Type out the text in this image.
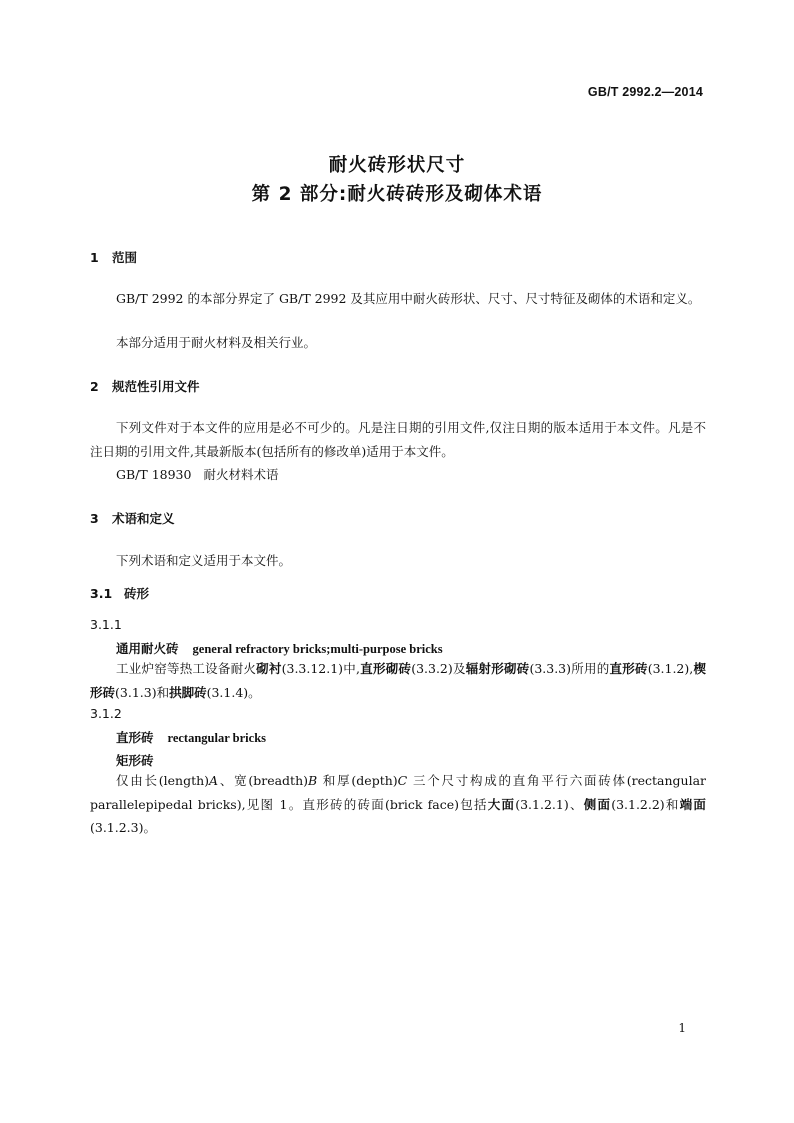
GB/T 2992.2—2014
耐火砖形状尺寸
第 2 部分:耐火砖砖形及砌体术语
1 范围
GB/T 2992 的本部分界定了 GB/T 2992 及其应用中耐火砖形状、尺寸、尺寸特征及砌体的术语和定义。
本部分适用于耐火材料及相关行业。
2 规范性引用文件
下列文件对于本文件的应用是必不可少的。凡是注日期的引用文件,仅注日期的版本适用于本文件。凡是不注日期的引用文件,其最新版本(包括所有的修改单)适用于本文件。
GB/T 18930 耐火材料术语
3 术语和定义
下列术语和定义适用于本文件。
3.1 砖形
3.1.1
通用耐火砖 general refractory bricks;multi-purpose bricks
工业炉窑等热工设备耐火砌衬(3.3.12.1)中,直形砌砖(3.3.2)及辐射形砌砖(3.3.3)所用的直形砖(3.1.2),楔形砖(3.1.3)和拱脚砖(3.1.4)。
3.1.2
直形砖 rectangular bricks
矩形砖
仅由长(length)A、宽(breadth)B 和厚(depth)C 三个尺寸构成的直角平行六面砖体(rectangular parallelepipedal bricks),见图 1。直形砖的砖面(brick face)包括大面(3.1.2.1)、侧面(3.1.2.2)和端面(3.1.2.3)。
1
